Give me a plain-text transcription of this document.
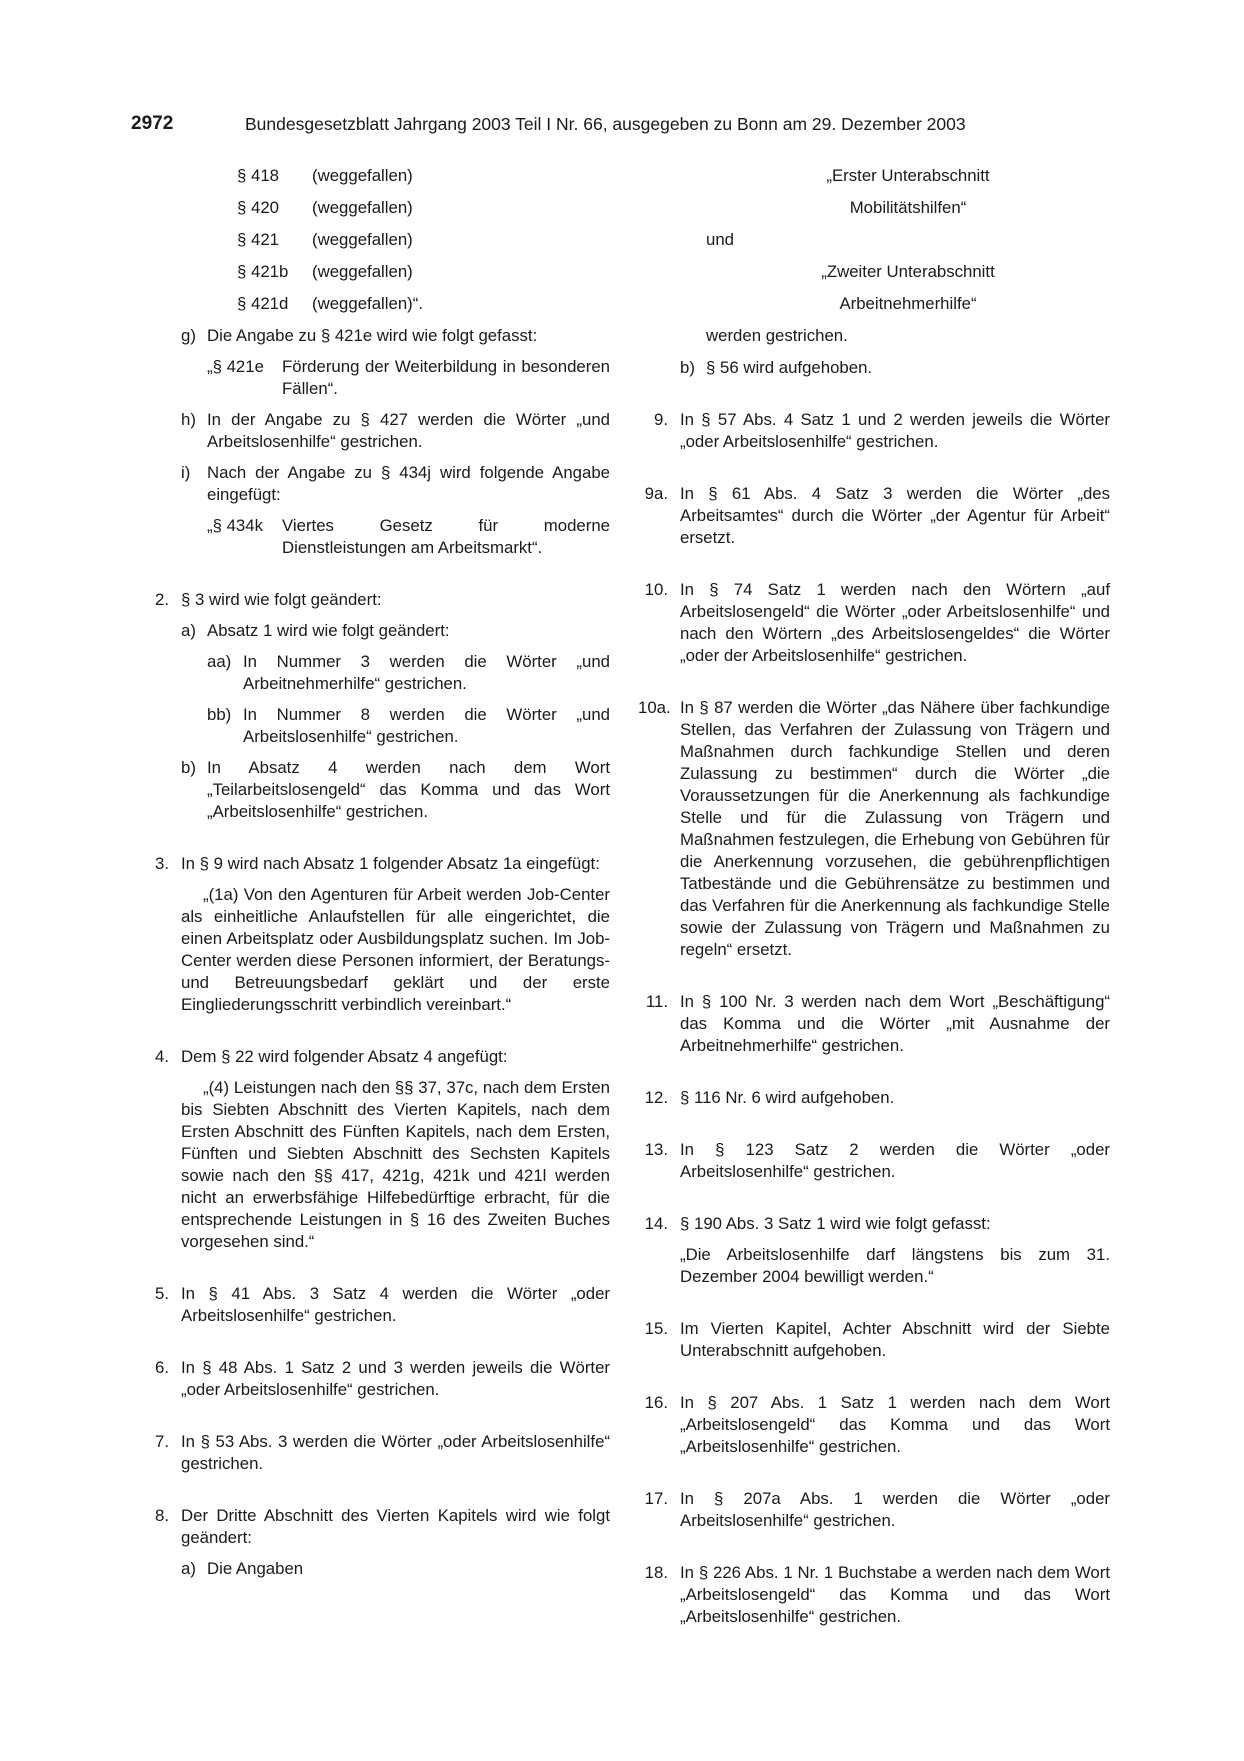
2972	Bundesgesetzblatt Jahrgang 2003 Teil I Nr. 66, ausgegeben zu Bonn am 29. Dezember 2003
§ 418	(weggefallen)
§ 420	(weggefallen)
§ 421	(weggefallen)
§ 421b	(weggefallen)
§ 421d	(weggefallen)“.
g) Die Angabe zu § 421e wird wie folgt gefasst:
„§ 421e Förderung der Weiterbildung in besonderen Fällen“.
h) In der Angabe zu § 427 werden die Wörter „und Arbeitslosenhilfe“ gestrichen.
i) Nach der Angabe zu § 434j wird folgende Angabe eingefügt:
„§ 434k Viertes Gesetz für moderne Dienstleistungen am Arbeitsmarkt“.
2. § 3 wird wie folgt geändert:
a) Absatz 1 wird wie folgt geändert:
aa) In Nummer 3 werden die Wörter „und Arbeitnehmerhilfe“ gestrichen.
bb) In Nummer 8 werden die Wörter „und Arbeitslosenhilfe“ gestrichen.
b) In Absatz 4 werden nach dem Wort „Teilarbeitslosengeld“ das Komma und das Wort „Arbeitslosenhilfe“ gestrichen.
3. In § 9 wird nach Absatz 1 folgender Absatz 1a eingefügt:
„(1a) Von den Agenturen für Arbeit werden Job-Center als einheitliche Anlaufstellen für alle eingerichtet, die einen Arbeitsplatz oder Ausbildungsplatz suchen. Im Job-Center werden diese Personen informiert, der Beratungs- und Betreuungsbedarf geklärt und der erste Eingliederungsschritt verbindlich vereinbart.“
4. Dem § 22 wird folgender Absatz 4 angefügt:
„(4) Leistungen nach den §§ 37, 37c, nach dem Ersten bis Siebten Abschnitt des Vierten Kapitels, nach dem Ersten Abschnitt des Fünften Kapitels, nach dem Ersten, Fünften und Siebten Abschnitt des Sechsten Kapitels sowie nach den §§ 417, 421g, 421k und 421l werden nicht an erwerbsfähige Hilfebedürftige erbracht, für die entsprechende Leistungen in § 16 des Zweiten Buches vorgesehen sind.“
5. In § 41 Abs. 3 Satz 4 werden die Wörter „oder Arbeitslosenhilfe“ gestrichen.
6. In § 48 Abs. 1 Satz 2 und 3 werden jeweils die Wörter „oder Arbeitslosenhilfe“ gestrichen.
7. In § 53 Abs. 3 werden die Wörter „oder Arbeitslosenhilfe“ gestrichen.
8. Der Dritte Abschnitt des Vierten Kapitels wird wie folgt geändert:
a) Die Angaben
„Erster Unterabschnitt
Mobilitätshilfen“
und
„Zweiter Unterabschnitt
Arbeitnehmerhilfe“
werden gestrichen.
b) § 56 wird aufgehoben.
9. In § 57 Abs. 4 Satz 1 und 2 werden jeweils die Wörter „oder Arbeitslosenhilfe“ gestrichen.
9a. In § 61 Abs. 4 Satz 3 werden die Wörter „des Arbeitsamtes“ durch die Wörter „der Agentur für Arbeit“ ersetzt.
10. In § 74 Satz 1 werden nach den Wörtern „auf Arbeitslosengeld“ die Wörter „oder Arbeitslosenhilfe“ und nach den Wörtern „des Arbeitslosengeldes“ die Wörter „oder der Arbeitslosenhilfe“ gestrichen.
10a. In § 87 werden die Wörter „das Nähere über fachkundige Stellen, das Verfahren der Zulassung von Trägern und Maßnahmen durch fachkundige Stellen und deren Zulassung zu bestimmen“ durch die Wörter „die Voraussetzungen für die Anerkennung als fachkundige Stelle und für die Zulassung von Trägern und Maßnahmen festzulegen, die Erhebung von Gebühren für die Anerkennung vorzusehen, die gebührenpflichtigen Tatbestände und die Gebührensätze zu bestimmen und das Verfahren für die Anerkennung als fachkundige Stelle sowie der Zulassung von Trägern und Maßnahmen zu regeln“ ersetzt.
11. In § 100 Nr. 3 werden nach dem Wort „Beschäftigung“ das Komma und die Wörter „mit Ausnahme der Arbeitnehmerhilfe“ gestrichen.
12. § 116 Nr. 6 wird aufgehoben.
13. In § 123 Satz 2 werden die Wörter „oder Arbeitslosenhilfe“ gestrichen.
14. § 190 Abs. 3 Satz 1 wird wie folgt gefasst:
„Die Arbeitslosenhilfe darf längstens bis zum 31. Dezember 2004 bewilligt werden.“
15. Im Vierten Kapitel, Achter Abschnitt wird der Siebte Unterabschnitt aufgehoben.
16. In § 207 Abs. 1 Satz 1 werden nach dem Wort „Arbeitslosengeld“ das Komma und das Wort „Arbeitslosenhilfe“ gestrichen.
17. In § 207a Abs. 1 werden die Wörter „oder Arbeitslosenhilfe“ gestrichen.
18. In § 226 Abs. 1 Nr. 1 Buchstabe a werden nach dem Wort „Arbeitslosengeld“ das Komma und das Wort „Arbeitslosenhilfe“ gestrichen.
